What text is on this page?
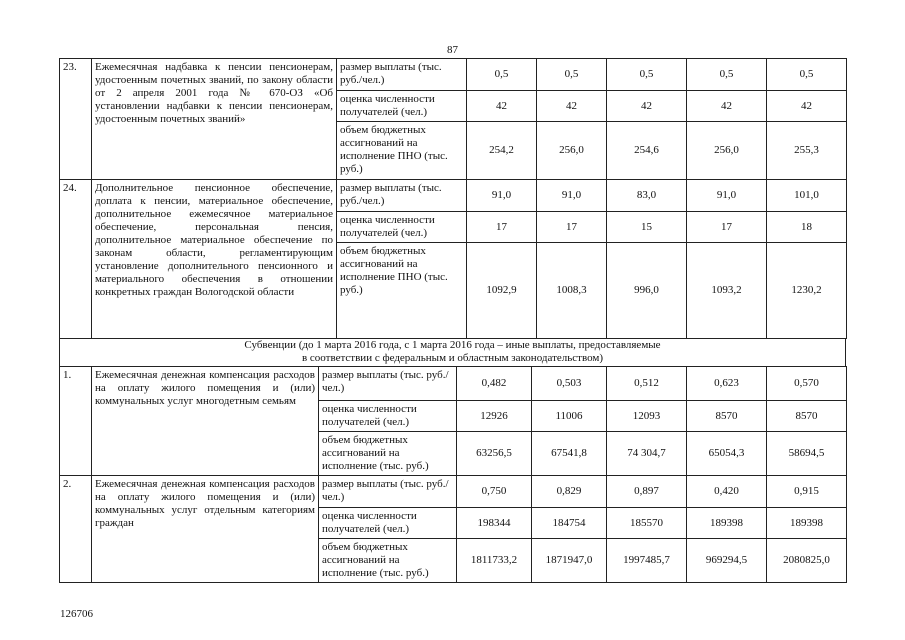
87
23.	Ежемесячная надбавка к пенсии пенсионерам, удостоенным почетных званий, по закону области от 2 апреля 2001 года № 670-ОЗ «Об установлении надбавки к пенсии пенсионерам, удостоенным почетных званий»	размер выплаты (тыс. руб./чел.)	0,5	0,5	0,5	0,5	0,5
		оценка численности получателей (чел.)	42	42	42	42	42
		объем бюджетных ассигнований на исполнение ПНО (тыс. руб.)	254,2	256,0	254,6	256,0	255,3
24.	Дополнительное пенсионное обеспечение, доплата к пенсии, материальное обеспечение, дополнительное ежемесячное материальное обеспечение, персональная пенсия, дополнительное материальное обеспечение по законам области, регламентирующим установление дополнительного пенсионного и материального обеспечения в отношении конкретных граждан Вологодской области	размер выплаты (тыс. руб./чел.)	91,0	91,0	83,0	91,0	101,0
		оценка численности получателей (чел.)	17	17	15	17	18
		объем бюджетных ассигнований на исполнение ПНО (тыс. руб.)	1092,9	1008,3	996,0	1093,2	1230,2
Субвенции (до 1 марта 2016 года, с 1 марта 2016 года – иные выплаты, предоставляемые
в соответствии с федеральным и областным законодательством)
1.	Ежемесячная денежная компенсация расходов на оплату жилого помещения и (или) коммунальных услуг многодетным семьям	размер выплаты (тыс. руб./чел.)	0,482	0,503	0,512	0,623	0,570
		оценка численности получателей (чел.)	12926	11006	12093	8570	8570
		объем бюджетных ассигнований на исполнение (тыс. руб.)	63256,5	67541,8	74 304,7	65054,3	58694,5
2.	Ежемесячная денежная компенсация расходов на оплату жилого помещения и (или) коммунальных услуг отдельным категориям граждан	размер выплаты (тыс. руб./чел.)	0,750	0,829	0,897	0,420	0,915
		оценка численности получателей (чел.)	198344	184754	185570	189398	189398
		объем бюджетных ассигнований на исполнение (тыс. руб.)	1811733,2	1871947,0	1997485,7	969294,5	2080825,0
126706
